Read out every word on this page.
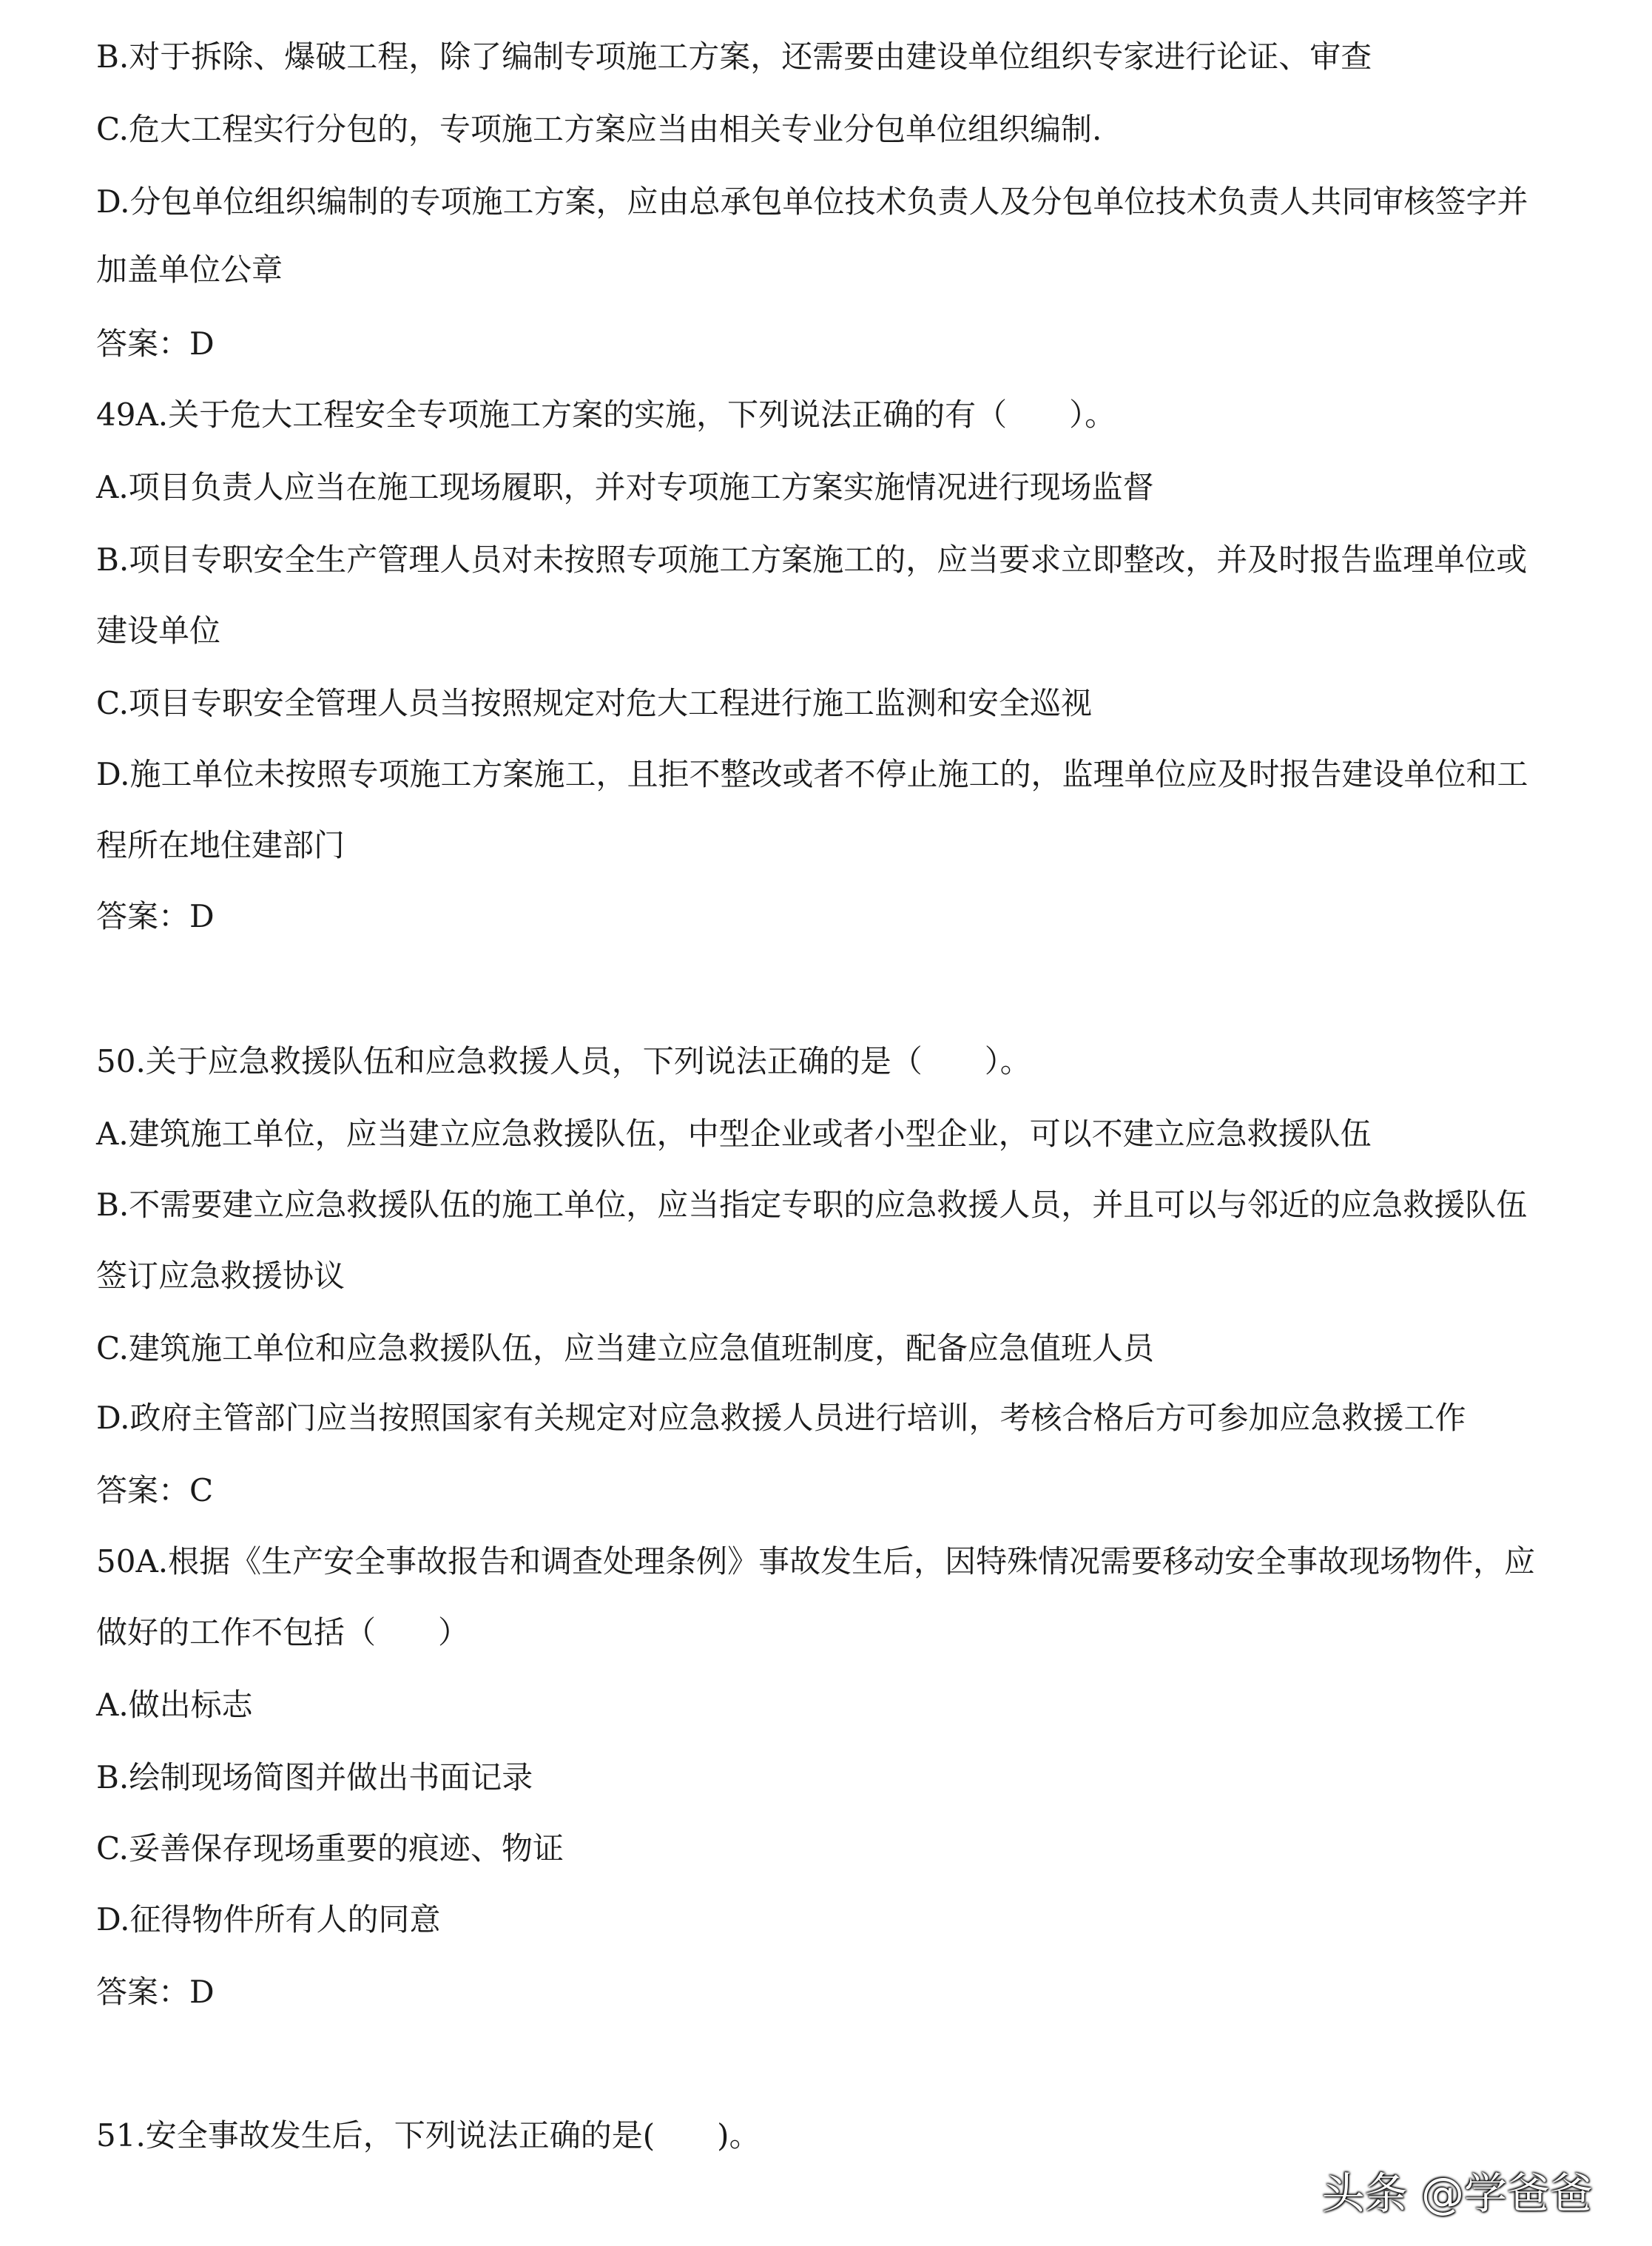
B.对于拆除、爆破工程，除了编制专项施工方案，还需要由建设单位组织专家进行论证、审查
C.危大工程实行分包的，专项施工方案应当由相关专业分包单位组织编制.
D.分包单位组织编制的专项施工方案，应由总承包单位技术负责人及分包单位技术负责人共同审核签字并
加盖单位公章
答案：D
49A.关于危大工程安全专项施工方案的实施，下列说法正确的有（　　）。
A.项目负责人应当在施工现场履职，并对专项施工方案实施情况进行现场监督
B.项目专职安全生产管理人员对未按照专项施工方案施工的，应当要求立即整改，并及时报告监理单位或
建设单位
C.项目专职安全管理人员当按照规定对危大工程进行施工监测和安全巡视
D.施工单位未按照专项施工方案施工，且拒不整改或者不停止施工的，监理单位应及时报告建设单位和工
程所在地住建部门
答案：D
50.关于应急救援队伍和应急救援人员，下列说法正确的是（　　）。
A.建筑施工单位，应当建立应急救援队伍，中型企业或者小型企业，可以不建立应急救援队伍
B.不需要建立应急救援队伍的施工单位，应当指定专职的应急救援人员，并且可以与邻近的应急救援队伍
签订应急救援协议
C.建筑施工单位和应急救援队伍，应当建立应急值班制度，配备应急值班人员
D.政府主管部门应当按照国家有关规定对应急救援人员进行培训，考核合格后方可参加应急救援工作
答案：C
50A.根据《生产安全事故报告和调查处理条例》事故发生后，因特殊情况需要移动安全事故现场物件，应
做好的工作不包括（　　）
A.做出标志
B.绘制现场简图并做出书面记录
C.妥善保存现场重要的痕迹、物证
D.征得物件所有人的同意
答案：D
51.安全事故发生后，下列说法正确的是(　　)。
头条 @学爸爸
